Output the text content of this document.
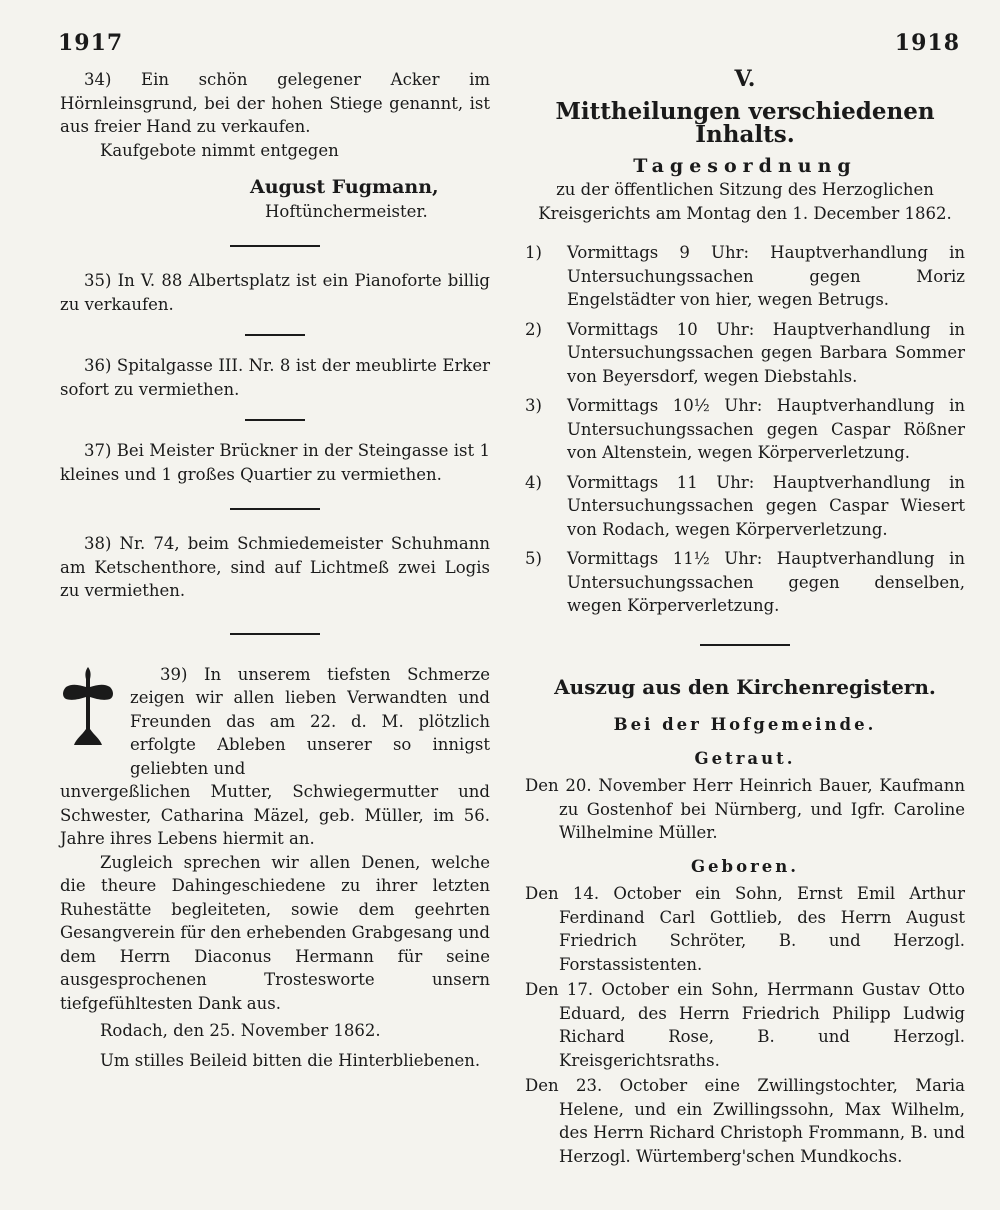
1917	1918

34) Ein schön gelegener Acker im Hörnleinsgrund, bei der hohen Stiege genannt, ist aus freier Hand zu verkaufen.

Kaufgebote nimmt entgegen

August Fugmann,

Hoftünchermeister.

35) In V. 88 Albertsplatz ist ein Pianoforte billig zu verkaufen.

36) Spitalgasse III. Nr. 8 ist der meublirte Erker sofort zu vermiethen.

37) Bei Meister Brückner in der Steingasse ist 1 kleines und 1 großes Quartier zu vermiethen.

38) Nr. 74, beim Schmiedemeister Schuhmann am Ketschenthore, sind auf Lichtmeß zwei Logis zu vermiethen.

39) In unserem tiefsten Schmerze zeigen wir allen lieben Verwandten und Freunden das am 22. d. M. plötzlich erfolgte Ableben unserer so innigst geliebten und

unvergeßlichen Mutter, Schwiegermutter und Schwester, Catharina Mäzel, geb. Müller, im 56. Jahre ihres Lebens hiermit an.

Zugleich sprechen wir allen Denen, welche die theure Dahingeschiedene zu ihrer letzten Ruhestätte begleiteten, sowie dem geehrten Gesangverein für den erhebenden Grabgesang und dem Herrn Diaconus Hermann für seine ausgesprochenen Trostesworte unsern tiefgefühltesten Dank aus.

Rodach, den 25. November 1862.

Um stilles Beileid bitten die Hinterbliebenen.

V.

Mittheilungen verschiedenen Inhalts.

Tagesordnung

zu der öffentlichen Sitzung des Herzoglichen Kreisgerichts am Montag den 1. December 1862.

1) Vormittags 9 Uhr: Hauptverhandlung in Untersuchungssachen gegen Moriz Engelstädter von hier, wegen Betrugs.
2) Vormittags 10 Uhr: Hauptverhandlung in Untersuchungssachen gegen Barbara Sommer von Beyersdorf, wegen Diebstahls.
3) Vormittags 10½ Uhr: Hauptverhandlung in Untersuchungssachen gegen Caspar Rößner von Altenstein, wegen Körperverletzung.
4) Vormittags 11 Uhr: Hauptverhandlung in Untersuchungssachen gegen Caspar Wiesert von Rodach, wegen Körperverletzung.
5) Vormittags 11½ Uhr: Hauptverhandlung in Untersuchungssachen gegen denselben, wegen Körperverletzung.

Auszug aus den Kirchenregistern.

Bei der Hofgemeinde.

Getraut.

Den 20. November Herr Heinrich Bauer, Kaufmann zu Gostenhof bei Nürnberg, und Igfr. Caroline Wilhelmine Müller.

Geboren.

Den 14. October ein Sohn, Ernst Emil Arthur Ferdinand Carl Gottlieb, des Herrn August Friedrich Schröter, B. und Herzogl. Forstassistenten.

Den 17. October ein Sohn, Herrmann Gustav Otto Eduard, des Herrn Friedrich Philipp Ludwig Richard Rose, B. und Herzogl. Kreisgerichtsraths.

Den 23. October eine Zwillingstochter, Maria Helene, und ein Zwillingssohn, Max Wilhelm, des Herrn Richard Christoph Frommann, B. und Herzogl. Würtemberg'schen Mundkochs.
